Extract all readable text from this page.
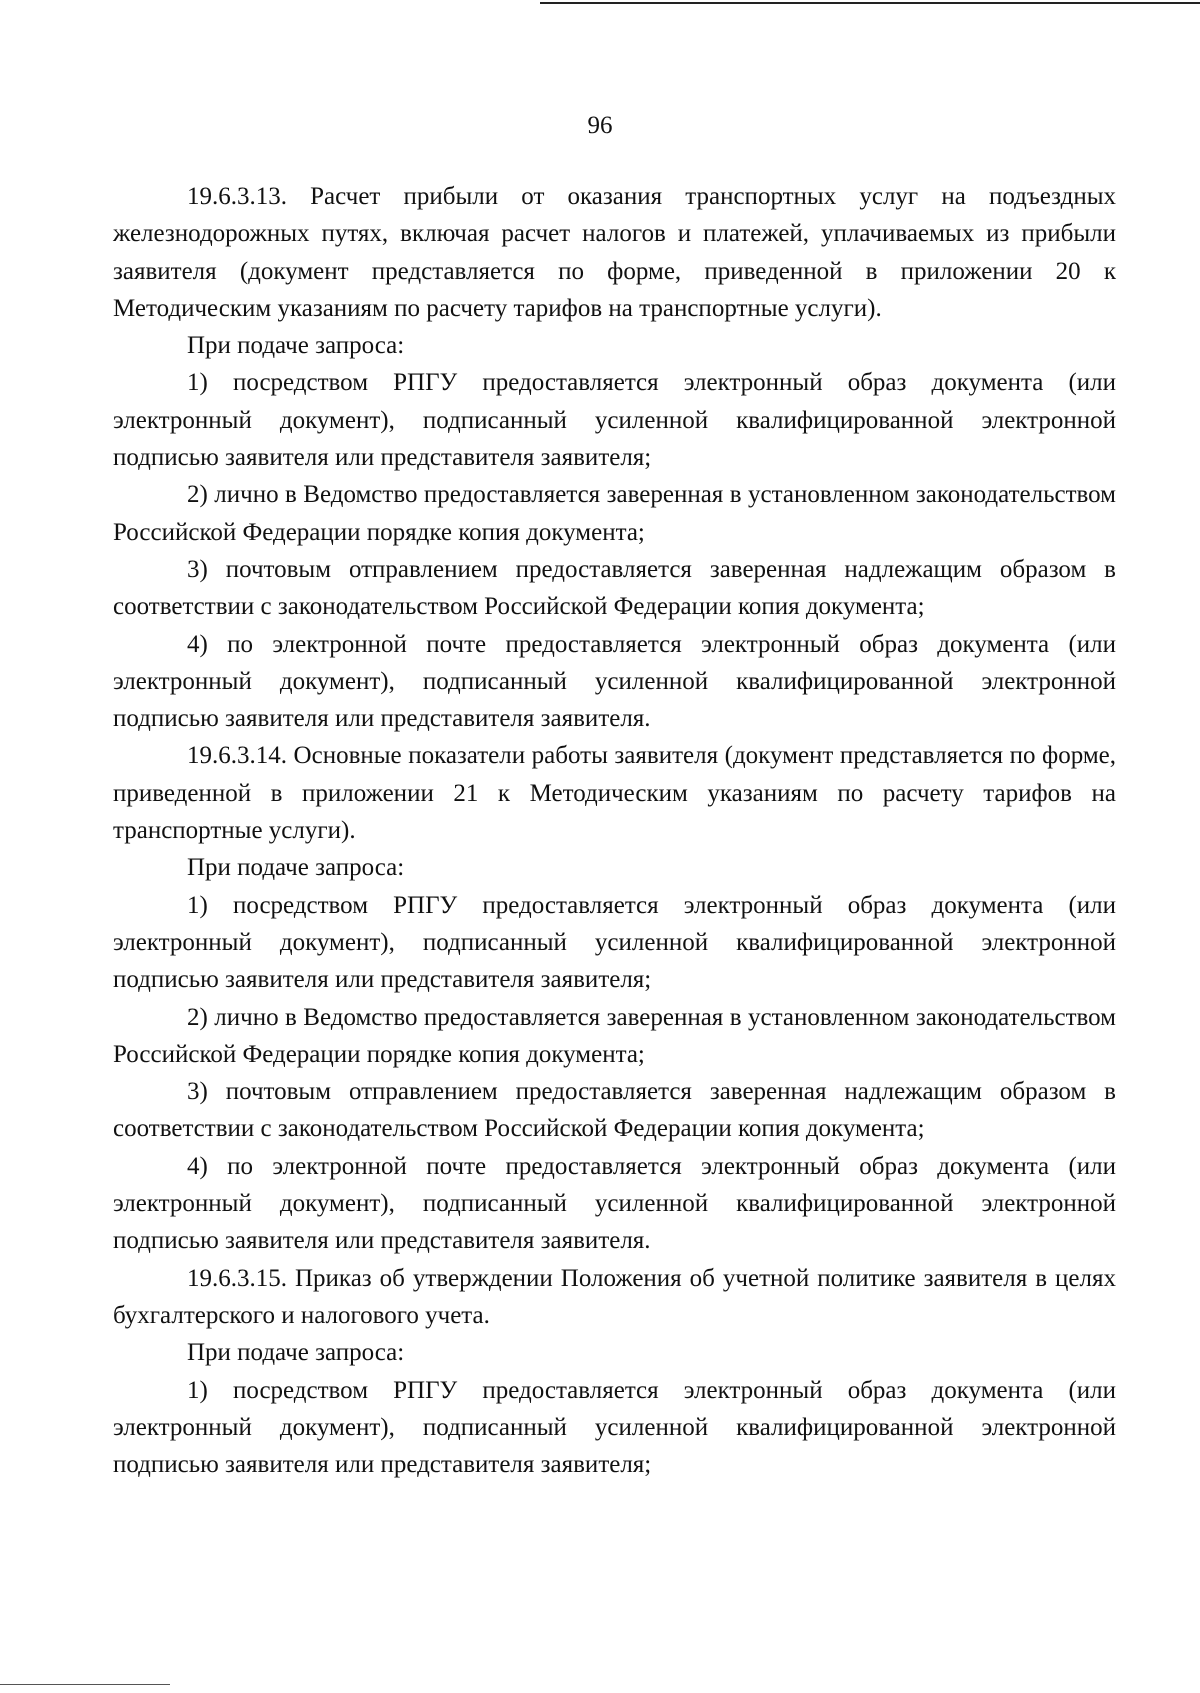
96

19.6.3.13. Расчет прибыли от оказания транспортных услуг на подъездных железнодорожных путях, включая расчет налогов и платежей, уплачиваемых из прибыли заявителя (документ представляется по форме, приведенной в приложении 20 к Методическим указаниям по расчету тарифов на транспортные услуги).

При подаче запроса:

1) посредством РПГУ предоставляется электронный образ документа (или электронный документ), подписанный усиленной квалифицированной электронной подписью заявителя или представителя заявителя;

2) лично в Ведомство предоставляется заверенная в установленном законодательством Российской Федерации порядке копия документа;

3) почтовым отправлением предоставляется заверенная надлежащим образом в соответствии с законодательством Российской Федерации копия документа;

4) по электронной почте предоставляется электронный образ документа (или электронный документ), подписанный усиленной квалифицированной электронной подписью заявителя или представителя заявителя.

19.6.3.14. Основные показатели работы заявителя (документ представляется по форме, приведенной в приложении 21 к Методическим указаниям по расчету тарифов на транспортные услуги).

При подаче запроса:

1) посредством РПГУ предоставляется электронный образ документа (или электронный документ), подписанный усиленной квалифицированной электронной подписью заявителя или представителя заявителя;

2) лично в Ведомство предоставляется заверенная в установленном законодательством Российской Федерации порядке копия документа;

3) почтовым отправлением предоставляется заверенная надлежащим образом в соответствии с законодательством Российской Федерации копия документа;

4) по электронной почте предоставляется электронный образ документа (или электронный документ), подписанный усиленной квалифицированной электронной подписью заявителя или представителя заявителя.

19.6.3.15. Приказ об утверждении Положения об учетной политике заявителя в целях бухгалтерского и налогового учета.

При подаче запроса:

1) посредством РПГУ предоставляется электронный образ документа (или электронный документ), подписанный усиленной квалифицированной электронной подписью заявителя или представителя заявителя;
